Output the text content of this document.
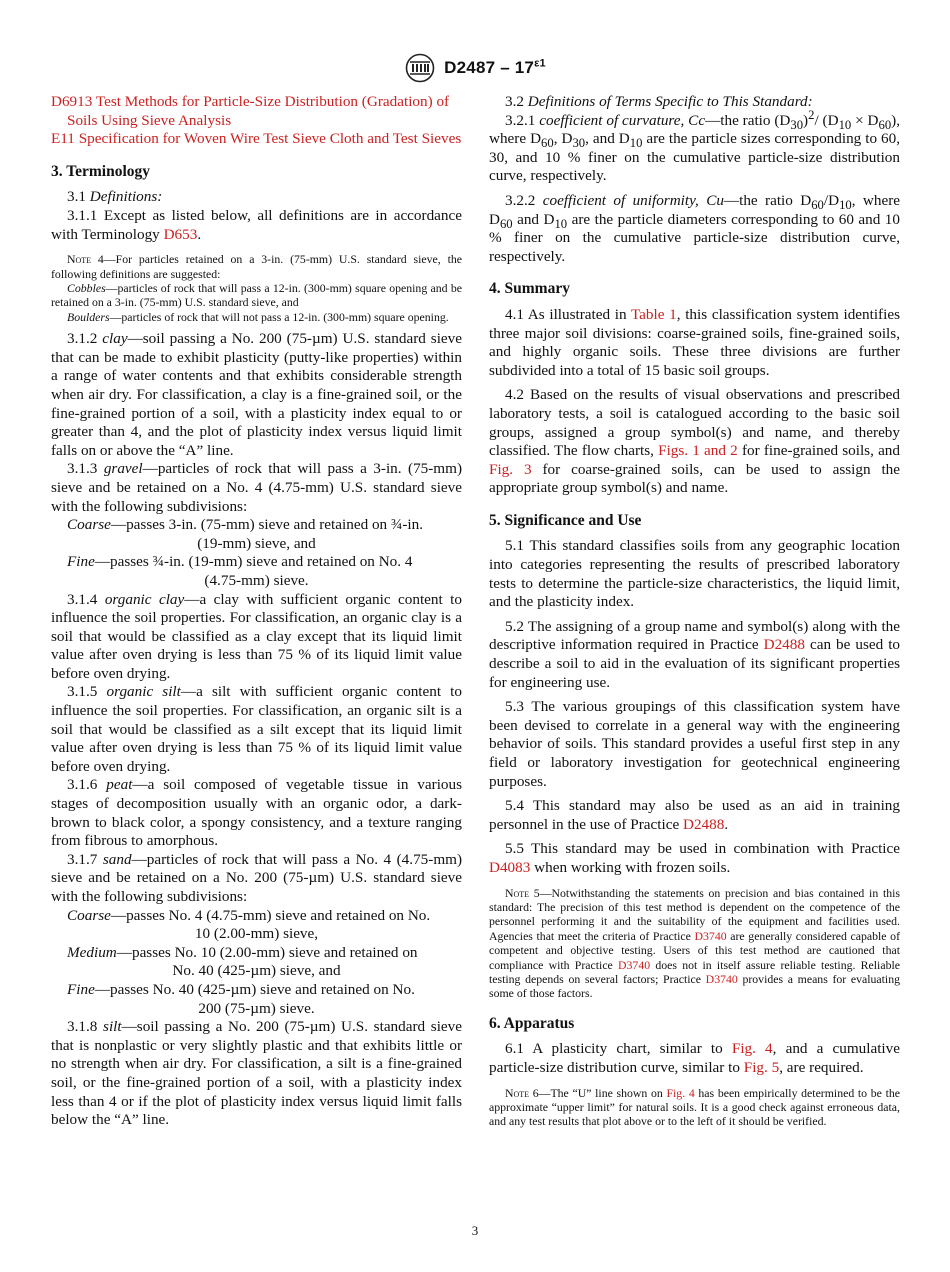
$D2487 - 17^{\varepsilon 1}$

D6913 Test Methods for Particle-Size Distribution (Gradation) of Soils Using Sieve Analysis

E11 Specification for Woven Wire Test Sieve Cloth and Test Sieves

3. Terminology

3.1 Definitions:

3.1.1 Except as listed below, all definitions are in accordance with Terminology D653.

Note 4—For particles retained on a 3-in. (75-mm) U.S. standard sieve, the following definitions are suggested:

Cobbles—particles of rock that will pass a 12-in. (300-mm) square opening and be retained on a 3-in. (75-mm) U.S. standard sieve, and

Boulders—particles of rock that will not pass a 12-in. (300-mm) square opening.

3.1.2 clay—soil passing a No. 200 (75-µm) U.S. standard sieve that can be made to exhibit plasticity (putty-like properties) within a range of water contents and that exhibits considerable strength when air dry. For classification, a clay is a fine-grained soil, or the fine-grained portion of a soil, with a plasticity index equal to or greater than 4, and the plot of plasticity index versus liquid limit falls on or above the “A” line.

3.1.3 gravel—particles of rock that will pass a 3-in. (75-mm) sieve and be retained on a No. 4 (4.75-mm) U.S. standard sieve with the following subdivisions:

Coarse—passes 3-in. (75-mm) sieve and retained on ¾-in.

(19-mm) sieve, and

Fine—passes ¾-in. (19-mm) sieve and retained on No. 4

(4.75-mm) sieve.

3.1.4 organic clay—a clay with sufficient organic content to influence the soil properties. For classification, an organic clay is a soil that would be classified as a clay except that its liquid limit value after oven drying is less than 75 % of its liquid limit value before oven drying.

3.1.5 organic silt—a silt with sufficient organic content to influence the soil properties. For classification, an organic silt is a soil that would be classified as a silt except that its liquid limit value after oven drying is less than 75 % of its liquid limit value before oven drying.

3.1.6 peat—a soil composed of vegetable tissue in various stages of decomposition usually with an organic odor, a dark-brown to black color, a spongy consistency, and a texture ranging from fibrous to amorphous.

3.1.7 sand—particles of rock that will pass a No. 4 (4.75-mm) sieve and be retained on a No. 200 (75-µm) U.S. standard sieve with the following subdivisions:

Coarse—passes No. 4 (4.75-mm) sieve and retained on No.

10 (2.00-mm) sieve,

Medium—passes No. 10 (2.00-mm) sieve and retained on

No. 40 (425-µm) sieve, and

Fine—passes No. 40 (425-µm) sieve and retained on No.

200 (75-µm) sieve.

3.1.8 silt—soil passing a No. 200 (75-µm) U.S. standard sieve that is nonplastic or very slightly plastic and that exhibits little or no strength when air dry. For classification, a silt is a fine-grained soil, or the fine-grained portion of a soil, with a plasticity index less than 4 or if the plot of plasticity index versus liquid limit falls below the “A” line.

3.2 Definitions of Terms Specific to This Standard:

3.2.1 coefficient of curvature, Cc—the ratio $(D_{30})^2/$ $(D_{10} \times D_{60})$, where $D_{60}$, $D_{30}$, and $D_{10}$ are the particle sizes corresponding to 60, 30, and 10 % finer on the cumulative particle-size distribution curve, respectively.

3.2.2 coefficient of uniformity, Cu—the ratio $D_{60}/D_{10}$, where $D_{60}$ and $D_{10}$ are the particle diameters corresponding to 60 and 10 % finer on the cumulative particle-size distribution curve, respectively.

4. Summary

4.1 As illustrated in Table 1, this classification system identifies three major soil divisions: coarse-grained soils, fine-grained soils, and highly organic soils. These three divisions are further subdivided into a total of 15 basic soil groups.

4.2 Based on the results of visual observations and prescribed laboratory tests, a soil is catalogued according to the basic soil groups, assigned a group symbol(s) and name, and thereby classified. The flow charts, Figs. 1 and 2 for fine-grained soils, and Fig. 3 for coarse-grained soils, can be used to assign the appropriate group symbol(s) and name.

5. Significance and Use

5.1 This standard classifies soils from any geographic location into categories representing the results of prescribed laboratory tests to determine the particle-size characteristics, the liquid limit, and the plasticity index.

5.2 The assigning of a group name and symbol(s) along with the descriptive information required in Practice D2488 can be used to describe a soil to aid in the evaluation of its significant properties for engineering use.

5.3 The various groupings of this classification system have been devised to correlate in a general way with the engineering behavior of soils. This standard provides a useful first step in any field or laboratory investigation for geotechnical engineering purposes.

5.4 This standard may also be used as an aid in training personnel in the use of Practice D2488.

5.5 This standard may be used in combination with Practice D4083 when working with frozen soils.

Note 5—Notwithstanding the statements on precision and bias contained in this standard: The precision of this test method is dependent on the competence of the personnel performing it and the suitability of the equipment and facilities used. Agencies that meet the criteria of Practice D3740 are generally considered capable of competent and objective testing. Users of this test method are cautioned that compliance with Practice D3740 does not in itself assure reliable testing. Reliable testing depends on several factors; Practice D3740 provides a means for evaluating some of those factors.

6. Apparatus

6.1 A plasticity chart, similar to Fig. 4, and a cumulative particle-size distribution curve, similar to Fig. 5, are required.

Note 6—The “U” line shown on Fig. 4 has been empirically determined to be the approximate “upper limit” for natural soils. It is a good check against erroneous data, and any test results that plot above or to the left of it should be verified.

3
